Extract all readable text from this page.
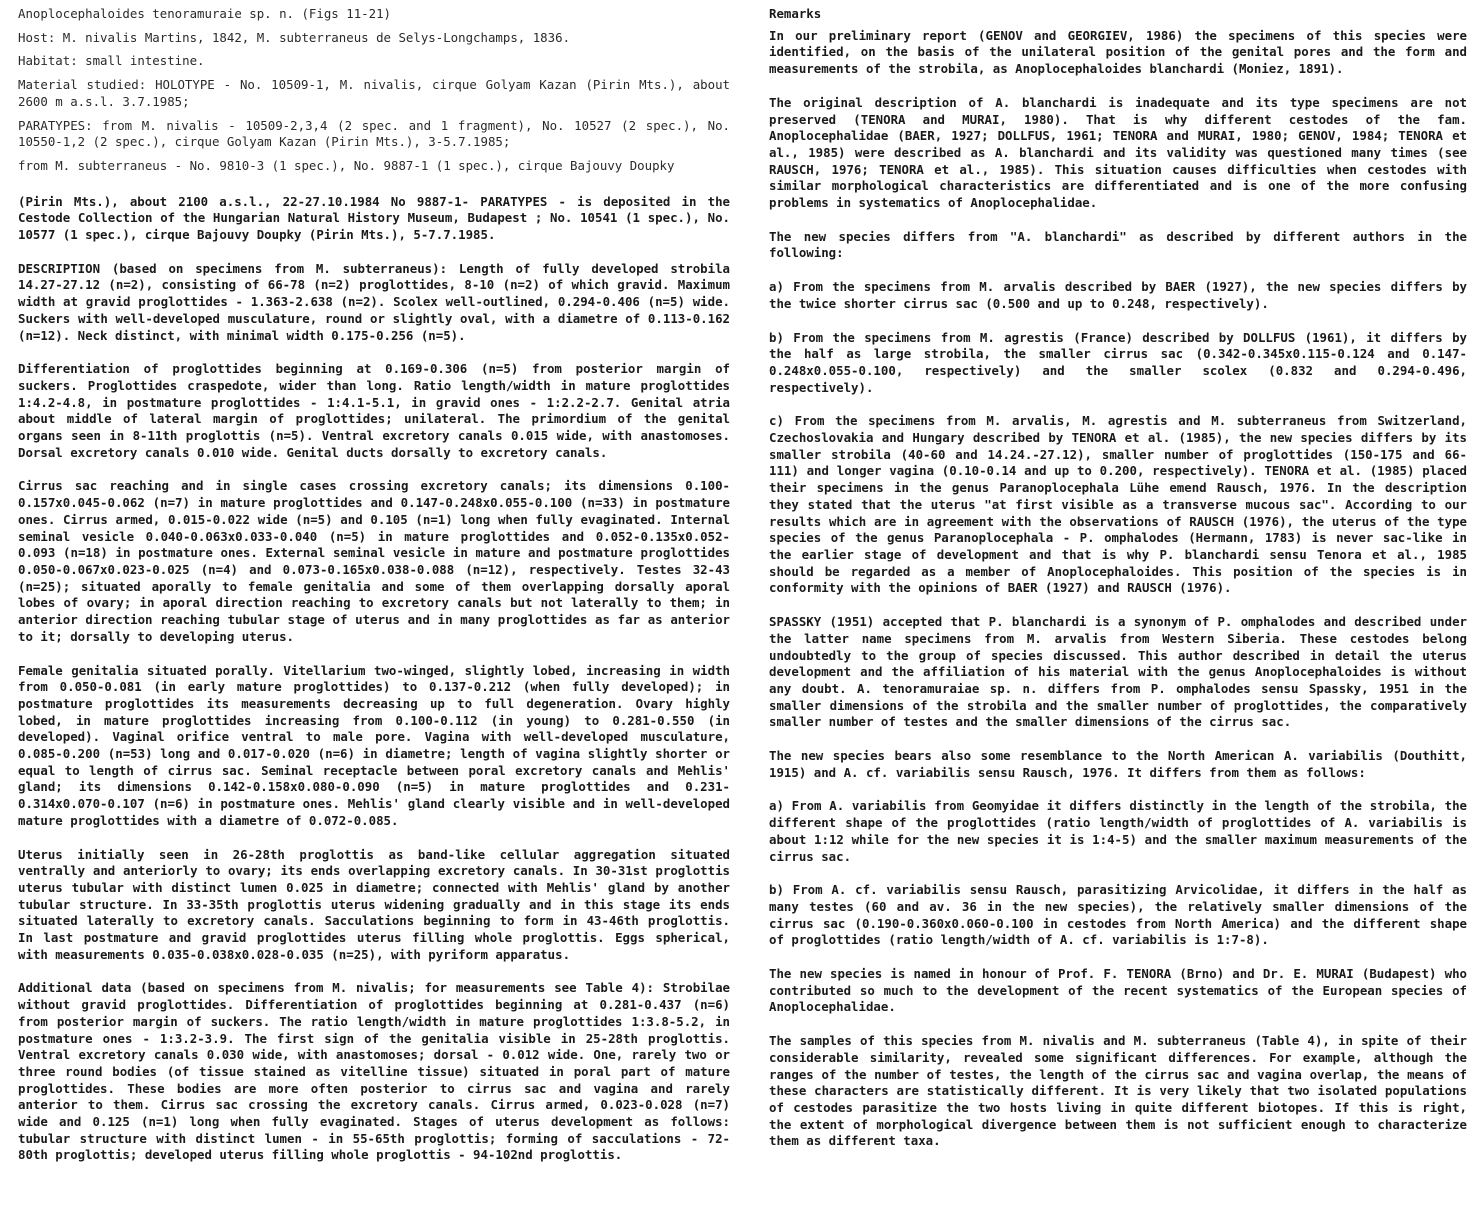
Anoplocephaloides tenoramuraie sp. n. (Figs 11-21)

Host: M. nivalis Martins, 1842, M. subterraneus de Selys-Longchamps, 1836.

Habitat: small intestine.

Material studied: HOLOTYPE - No. 10509-1, M. nivalis, cirque Golyam Kazan (Pirin Mts.), about 2600 m a.s.l. 3.7.1985;

PARATYPES: from M. nivalis - 10509-2,3,4 (2 spec. and 1 fragment), No. 10527 (2 spec.), No. 10550-1,2 (2 spec.), cirque Golyam Kazan (Pirin Mts.), 3-5.7.1985;

from M. subterraneus - No. 9810-3 (1 spec.), No. 9887-1 (1 spec.), cirque Bajouvy Doupky

(Pirin Mts.), about 2100 a.s.l., 22-27.10.1984 No 9887-1- PARATYPES - is deposited in the Cestode Collection of the Hungarian Natural History Museum, Budapest ; No. 10541 (1 spec.), No. 10577 (1 spec.), cirque Bajouvy Doupky (Pirin Mts.), 5-7.7.1985.

DESCRIPTION (based on specimens from M. subterraneus): Length of fully developed strobila 14.27-27.12 (n=2), consisting of 66-78 (n=2) proglottides, 8-10 (n=2) of which gravid. Maximum width at gravid proglottides - 1.363-2.638 (n=2). Scolex well-outlined, 0.294-0.406 (n=5) wide. Suckers with well-developed musculature, round or slightly oval, with a diametre of 0.113-0.162 (n=12). Neck distinct, with minimal width 0.175-0.256 (n=5).

Differentiation of proglottides beginning at 0.169-0.306 (n=5) from posterior margin of suckers. Proglottides craspedote, wider than long. Ratio length/width in mature proglottides 1:4.2-4.8, in postmature proglottides - 1:4.1-5.1, in gravid ones - 1:2.2-2.7. Genital atria about middle of lateral margin of proglottides; unilateral. The primordium of the genital organs seen in 8-11th proglottis (n=5). Ventral excretory canals 0.015 wide, with anastomoses. Dorsal excretory canals 0.010 wide. Genital ducts dorsally to excretory canals.

Cirrus sac reaching and in single cases crossing excretory canals; its dimensions 0.100-0.157x0.045-0.062 (n=7) in mature proglottides and 0.147-0.248x0.055-0.100 (n=33) in postmature ones. Cirrus armed, 0.015-0.022 wide (n=5) and 0.105 (n=1) long when fully evaginated. Internal seminal vesicle 0.040-0.063x0.033-0.040 (n=5) in mature proglottides and 0.052-0.135x0.052-0.093 (n=18) in postmature ones. External seminal vesicle in mature and postmature proglottides 0.050-0.067x0.023-0.025 (n=4) and 0.073-0.165x0.038-0.088 (n=12), respectively. Testes 32-43 (n=25); situated aporally to female genitalia and some of them overlapping dorsally aporal lobes of ovary; in aporal direction reaching to excretory canals but not laterally to them; in anterior direction reaching tubular stage of uterus and in many proglottides as far as anterior to it; dorsally to developing uterus.

Female genitalia situated porally. Vitellarium two-winged, slightly lobed, increasing in width from 0.050-0.081 (in early mature proglottides) to 0.137-0.212 (when fully developed); in postmature proglottides its measurements decreasing up to full degeneration. Ovary highly lobed, in mature proglottides increasing from 0.100-0.112 (in young) to 0.281-0.550 (in developed). Vaginal orifice ventral to male pore. Vagina with well-developed musculature, 0.085-0.200 (n=53) long and 0.017-0.020 (n=6) in diametre; length of vagina slightly shorter or equal to length of cirrus sac. Seminal receptacle between poral excretory canals and Mehlis' gland; its dimensions 0.142-0.158x0.080-0.090 (n=5) in mature proglottides and 0.231-0.314x0.070-0.107 (n=6) in postmature ones. Mehlis' gland clearly visible and in well-developed mature proglottides with a diametre of 0.072-0.085.

Uterus initially seen in 26-28th proglottis as band-like cellular aggregation situated ventrally and anteriorly to ovary; its ends overlapping excretory canals. In 30-31st proglottis uterus tubular with distinct lumen 0.025 in diametre; connected with Mehlis' gland by another tubular structure. In 33-35th proglottis uterus widening gradually and in this stage its ends situated laterally to excretory canals. Sacculations beginning to form in 43-46th proglottis. In last postmature and gravid proglottides uterus filling whole proglottis. Eggs spherical, with measurements 0.035-0.038x0.028-0.035 (n=25), with pyriform apparatus.

Additional data (based on specimens from M. nivalis; for measurements see Table 4): Strobilae without gravid proglottides. Differentiation of proglottides beginning at 0.281-0.437 (n=6) from posterior margin of suckers. The ratio length/width in mature proglottides 1:3.8-5.2, in postmature ones - 1:3.2-3.9. The first sign of the genitalia visible in 25-28th proglottis. Ventral excretory canals 0.030 wide, with anastomoses; dorsal - 0.012 wide. One, rarely two or three round bodies (of tissue stained as vitelline tissue) situated in poral part of mature proglottides. These bodies are more often posterior to cirrus sac and vagina and rarely anterior to them. Cirrus sac crossing the excretory canals. Cirrus armed, 0.023-0.028 (n=7) wide and 0.125 (n=1) long when fully evaginated. Stages of uterus development as follows: tubular structure with distinct lumen - in 55-65th proglottis; forming of sacculations - 72-80th proglottis; developed uterus filling whole proglottis - 94-102nd proglottis.

Remarks

In our preliminary report (GENOV and GEORGIEV, 1986) the specimens of this species were identified, on the basis of the unilateral position of the genital pores and the form and measurements of the strobila, as Anoplocephaloides blanchardi (Moniez, 1891).

The original description of A. blanchardi is inadequate and its type specimens are not preserved (TENORA and MURAI, 1980). That is why different cestodes of the fam. Anoplocephalidae (BAER, 1927; DOLLFUS, 1961; TENORA and MURAI, 1980; GENOV, 1984; TENORA et al., 1985) were described as A. blanchardi and its validity was questioned many times (see RAUSCH, 1976; TENORA et al., 1985). This situation causes difficulties when cestodes with similar morphological characteristics are differentiated and is one of the more confusing problems in systematics of Anoplocephalidae.

The new species differs from "A. blanchardi" as described by different authors in the following:

a) From the specimens from M. arvalis described by BAER (1927), the new species differs by the twice shorter cirrus sac (0.500 and up to 0.248, respectively).

b) From the specimens from M. agrestis (France) described by DOLLFUS (1961), it differs by the half as large strobila, the smaller cirrus sac (0.342-0.345x0.115-0.124 and 0.147-0.248x0.055-0.100, respectively) and the smaller scolex (0.832 and 0.294-0.496, respectively).

c) From the specimens from M. arvalis, M. agrestis and M. subterraneus from Switzerland, Czechoslovakia and Hungary described by TENORA et al. (1985), the new species differs by its smaller strobila (40-60 and 14.24.-27.12), smaller number of proglottides (150-175 and 66-111) and longer vagina (0.10-0.14 and up to 0.200, respectively). TENORA et al. (1985) placed their specimens in the genus Paranoplocephala Lühe emend Rausch, 1976. In the description they stated that the uterus "at first visible as a transverse mucous sac". According to our results which are in agreement with the observations of RAUSCH (1976), the uterus of the type species of the genus Paranoplocephala - P. omphalodes (Hermann, 1783) is never sac-like in the earlier stage of development and that is why P. blanchardi sensu Tenora et al., 1985 should be regarded as a member of Anoplocephaloides. This position of the species is in conformity with the opinions of BAER (1927) and RAUSCH (1976).

SPASSKY (1951) accepted that P. blanchardi is a synonym of P. omphalodes and described under the latter name specimens from M. arvalis from Western Siberia. These cestodes belong undoubtedly to the group of species discussed. This author described in detail the uterus development and the affiliation of his material with the genus Anoplocephaloides is without any doubt. A. tenoramuraiae sp. n. differs from P. omphalodes sensu Spassky, 1951 in the smaller dimensions of the strobila and the smaller number of proglottides, the comparatively smaller number of testes and the smaller dimensions of the cirrus sac.

The new species bears also some resemblance to the North American A. variabilis (Douthitt, 1915) and A. cf. variabilis sensu Rausch, 1976. It differs from them as follows:

a) From A. variabilis from Geomyidae it differs distinctly in the length of the strobila, the different shape of the proglottides (ratio length/width of proglottides of A. variabilis is about 1:12 while for the new species it is 1:4-5) and the smaller maximum measurements of the cirrus sac.

b) From A. cf. variabilis sensu Rausch, parasitizing Arvicolidae, it differs in the half as many testes (60 and av. 36 in the new species), the relatively smaller dimensions of the cirrus sac (0.190-0.360x0.060-0.100 in cestodes from North America) and the different shape of proglottides (ratio length/width of A. cf. variabilis is 1:7-8).

The new species is named in honour of Prof. F. TENORA (Brno) and Dr. E. MURAI (Budapest) who contributed so much to the development of the recent systematics of the European species of Anoplocephalidae.

The samples of this species from M. nivalis and M. subterraneus (Table 4), in spite of their considerable similarity, revealed some significant differences. For example, although the ranges of the number of testes, the length of the cirrus sac and vagina overlap, the means of these characters are statistically different. It is very likely that two isolated populations of cestodes parasitize the two hosts living in quite different biotopes. If this is right, the extent of morphological divergence between them is not sufficient enough to characterize them as different taxa.
